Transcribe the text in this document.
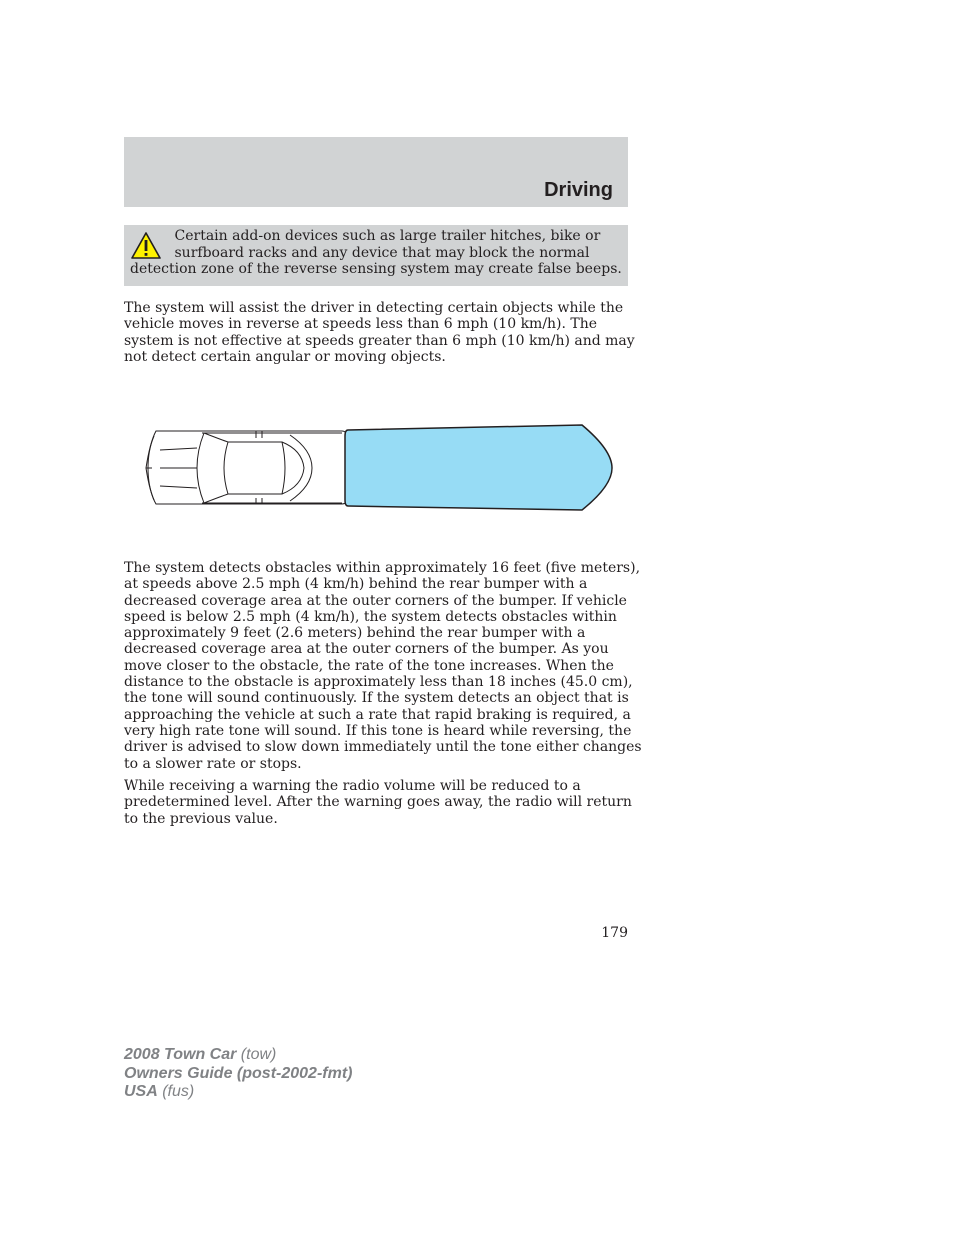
Driving
Certain add-on devices such as large trailer hitches, bike or
surfboard racks and any device that may block the normal
detection zone of the reverse sensing system may create false beeps.

The system will assist the driver in detecting certain objects while the
vehicle moves in reverse at speeds less than 6 mph (10 km/h). The
system is not effective at speeds greater than 6 mph (10 km/h) and may
not detect certain angular or moving objects.

The system detects obstacles within approximately 16 feet (five meters),
at speeds above 2.5 mph (4 km/h) behind the rear bumper with a
decreased coverage area at the outer corners of the bumper. If vehicle
speed is below 2.5 mph (4 km/h), the system detects obstacles within
approximately 9 feet (2.6 meters) behind the rear bumper with a
decreased coverage area at the outer corners of the bumper. As you
move closer to the obstacle, the rate of the tone increases. When the
distance to the obstacle is approximately less than 18 inches (45.0 cm),
the tone will sound continuously. If the system detects an object that is
approaching the vehicle at such a rate that rapid braking is required, a
very high rate tone will sound. If this tone is heard while reversing, the
driver is advised to slow down immediately until the tone either changes
to a slower rate or stops.

While receiving a warning the radio volume will be reduced to a
predetermined level. After the warning goes away, the radio will return
to the previous value.

179
2008 Town Car (tow)
Owners Guide (post-2002-fmt)
USA (fus)
